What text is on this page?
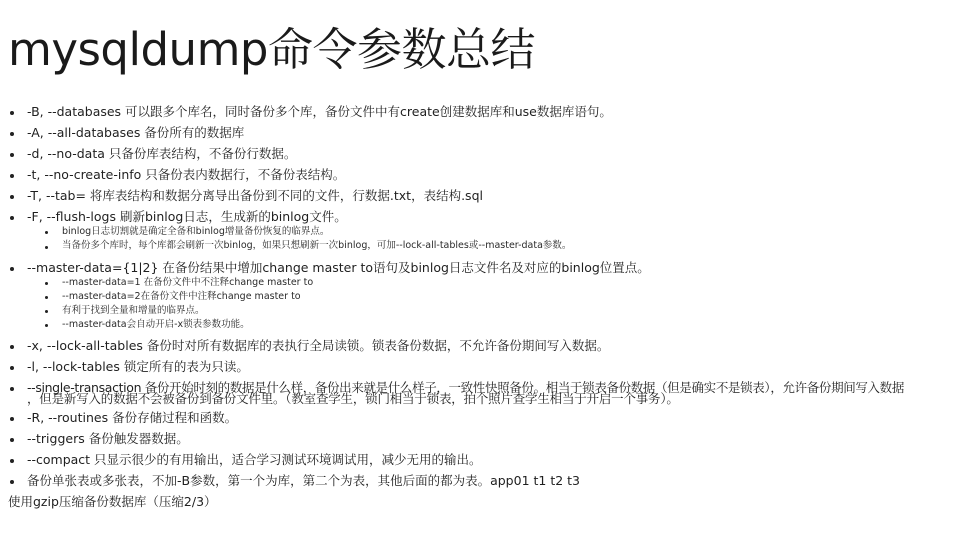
mysqldump命令参数总结
-B, --databases 可以跟多个库名，同时备份多个库，备份文件中有create创建数据库和use数据库语句。
-A, --all-databases 备份所有的数据库
-d, --no-data 只备份库表结构，不备份行数据。
-t, --no-create-info 只备份表内数据行，不备份表结构。
-T, --tab= 将库表结构和数据分离导出备份到不同的文件，行数据.txt，表结构.sql
-F, --flush-logs 刷新binlog日志，生成新的binlog文件。
binlog日志切割就是确定全备和binlog增量备份恢复的临界点。
当备份多个库时，每个库都会刷新一次binlog，如果只想刷新一次binlog，可加--lock-all-tables或--master-data参数。
--master-data={1|2} 在备份结果中增加change master to语句及binlog日志文件名及对应的binlog位置点。
--master-data=1 在备份文件中不注释change master to
--master-data=2在备份文件中注释change master to
有利于找到全量和增量的临界点。
--master-data会自动开启-x锁表参数功能。
-x, --lock-all-tables 备份时对所有数据库的表执行全局读锁。锁表备份数据，不允许备份期间写入数据。
-l, --lock-tables 锁定所有的表为只读。
--single-transaction 备份开始时刻的数据是什么样，备份出来就是什么样子，一致性快照备份。相当于锁表备份数据（但是确实不是锁表），允许备份期间写入数据
，但是新写入的数据不会被备份到备份文件里。（教室查学生，锁门相当于锁表，拍个照片查学生相当于开启一个事务）。
-R, --routines 备份存储过程和函数。
--triggers 备份触发器数据。
--compact 只显示很少的有用输出，适合学习测试环境调试用，减少无用的输出。
备份单张表或多张表，不加-B参数，第一个为库，第二个为表，其他后面的都为表。app01 t1 t2 t3
使用gzip压缩备份数据库（压缩2/3）
